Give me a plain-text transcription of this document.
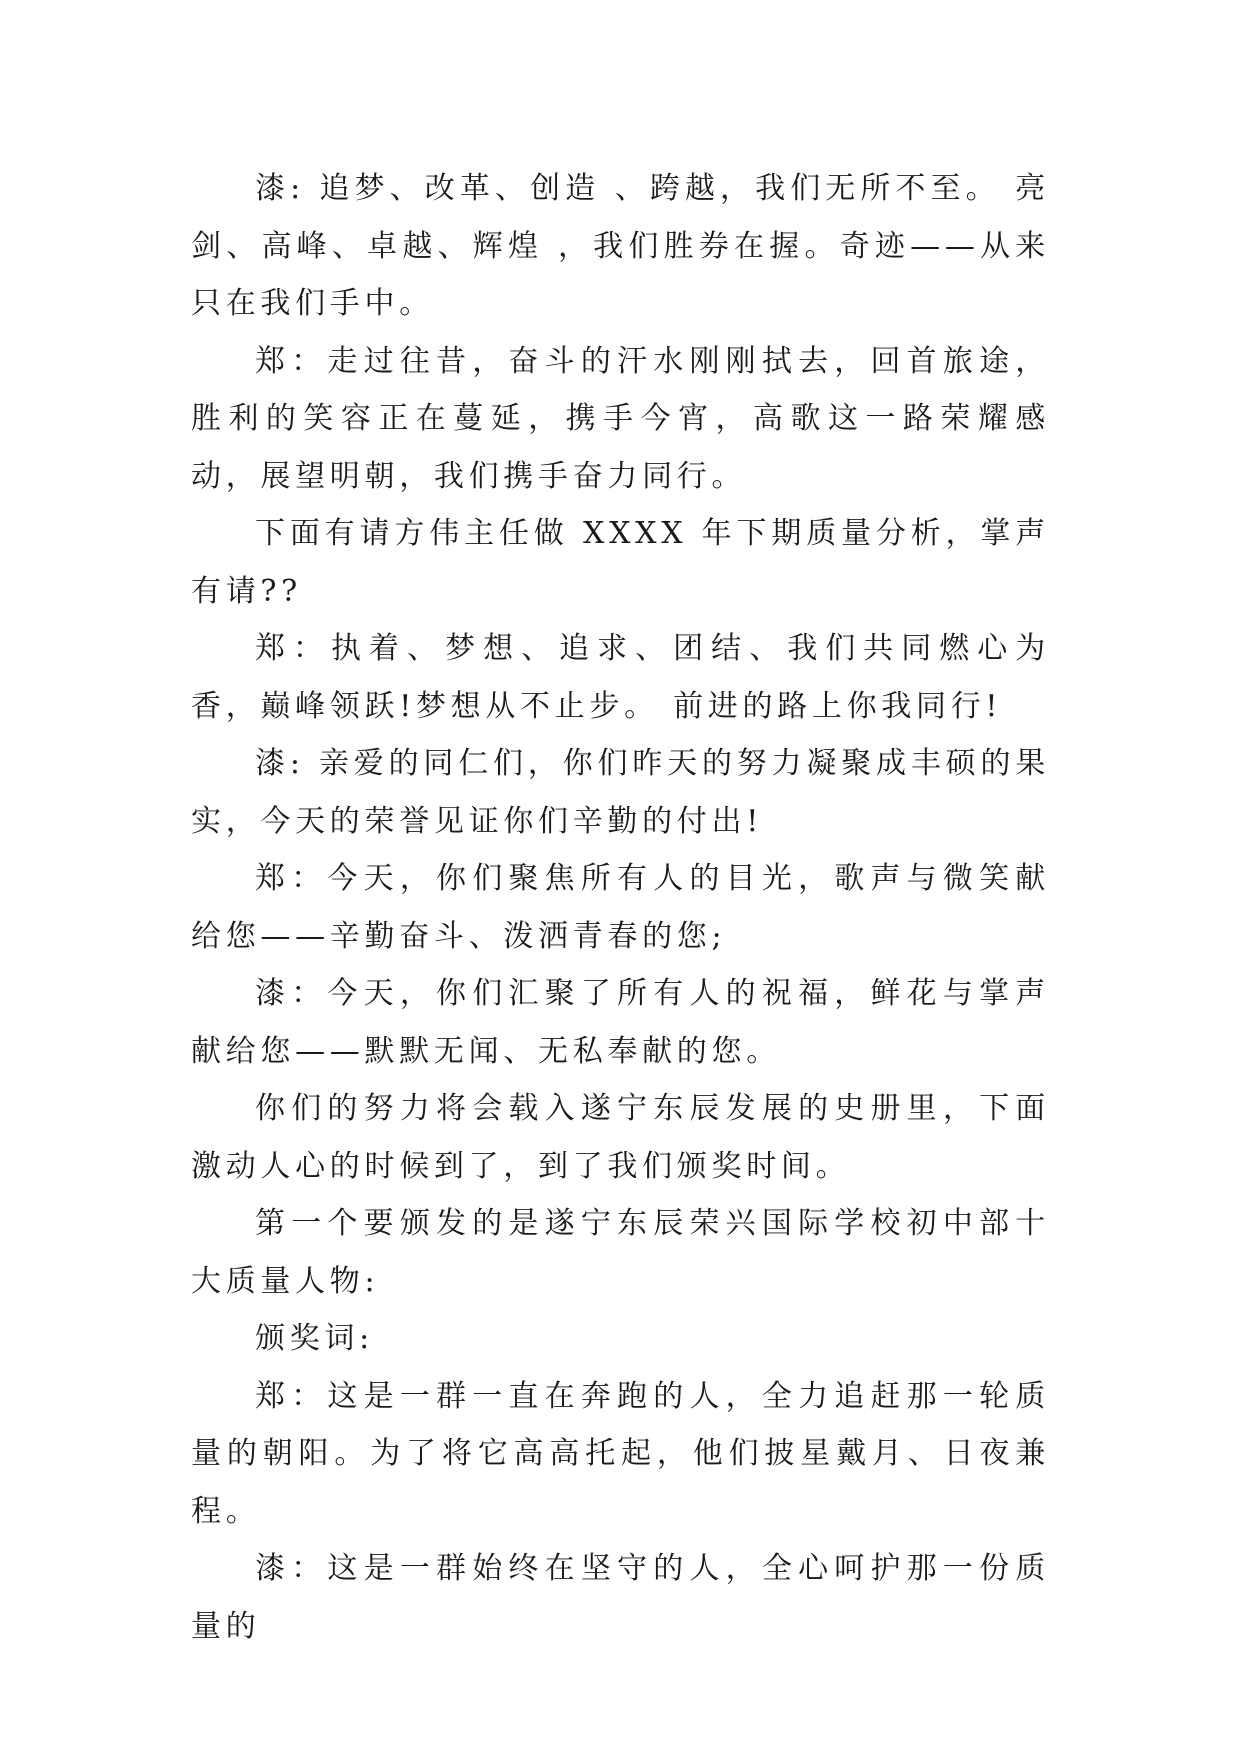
漆: 追梦、改革、创造 、跨越，我们无所不至。 亮剑、高峰、卓越、辉煌 ，我们胜券在握。奇迹——从来只在我们手中。

郑：走过往昔，奋斗的汗水刚刚拭去，回首旅途，胜利的笑容正在蔓延，携手今宵，高歌这一路荣耀感动，展望明朝，我们携手奋力同行。

下面有请方伟主任做 XXXX 年下期质量分析，掌声有请??

郑：执着、梦想、追求、团结、我们共同燃心为香，巅峰领跃!梦想从不止步。 前进的路上你我同行!

漆: 亲爱的同仁们，你们昨天的努力凝聚成丰硕的果实，今天的荣誉见证你们辛勤的付出!

郑：今天，你们聚焦所有人的目光，歌声与微笑献给您——辛勤奋斗、泼洒青春的您;

漆：今天，你们汇聚了所有人的祝福，鲜花与掌声献给您——默默无闻、无私奉献的您。

你们的努力将会载入遂宁东辰发展的史册里，下面激动人心的时候到了，到了我们颁奖时间。

第一个要颁发的是遂宁东辰荣兴国际学校初中部十大质量人物:

颁奖词:

郑：这是一群一直在奔跑的人，全力追赶那一轮质量的朝阳。为了将它高高托起，他们披星戴月、日夜兼程。

漆：这是一群始终在坚守的人，全心呵护那一份质量的
